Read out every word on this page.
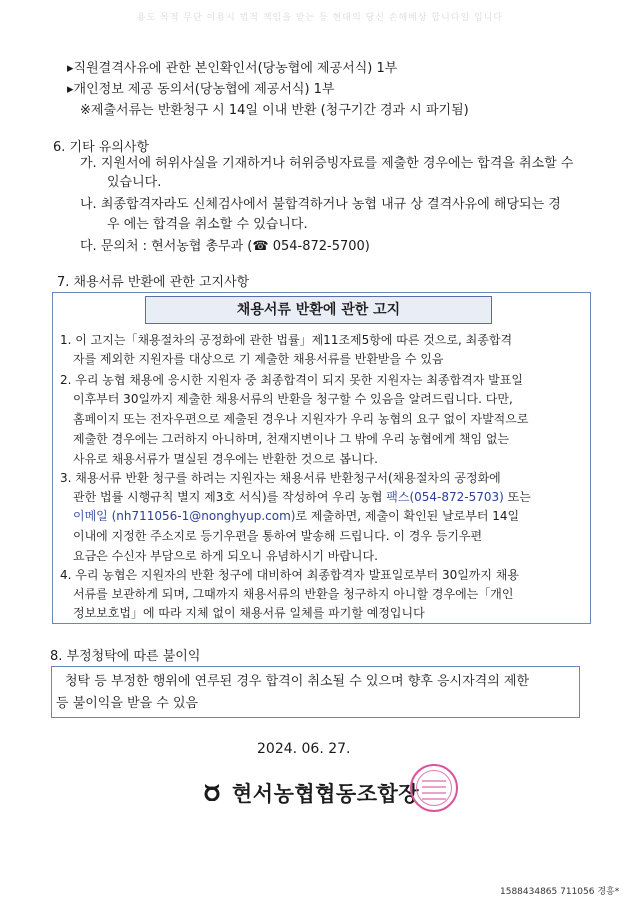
용도 목적 무단 이용시 법적 책임을 받는 등 현대의 당신 손해배상 합니다일 입니다
▸직원결격사유에 관한 본인확인서(당농협에 제공서식) 1부
▸개인정보 제공 동의서(당농협에 제공서식) 1부
※제출서류는 반환청구 시 14일 이내 반환 (청구기간 경과 시 파기됨)
6. 기타 유의사항
가. 지원서에 허위사실을 기재하거나 허위증빙자료를 제출한 경우에는 합격을 취소할 수
있습니다.
나. 최종합격자라도 신체검사에서 불합격하거나 농협 내규 상 결격사유에 해당되는 경
우 에는 합격을 취소할 수 있습니다.
다. 문의처 : 현서농협 총무과 (☎ 054-872-5700)
7. 채용서류 반환에 관한 고지사항
채용서류 반환에 관한 고지
1. 이 고지는「채용절차의 공정화에 관한 법률」제11조제5항에 따른 것으로, 최종합격
자를 제외한 지원자를 대상으로 기 제출한 채용서류를 반환받을 수 있음
2. 우리 농협 채용에 응시한 지원자 중 최종합격이 되지 못한 지원자는 최종합격자 발표일
이후부터 30일까지 제출한 채용서류의 반환을 청구할 수 있음을 알려드립니다. 다만,
홈페이지 또는 전자우편으로 제출된 경우나 지원자가 우리 농협의 요구 없이 자발적으로
제출한 경우에는 그러하지 아니하며, 천재지변이나 그 밖에 우리 농협에게 책임 없는
사유로 채용서류가 멸실된 경우에는 반환한 것으로 봅니다.
3. 채용서류 반환 청구를 하려는 지원자는 채용서류 반환청구서(채용절차의 공정화에
관한 법률 시행규칙 별지 제3호 서식)를 작성하여 우리 농협 팩스(054-872-5703) 또는
이메일 (nh711056-1@nonghyup.com)로 제출하면, 제출이 확인된 날로부터 14일
이내에 지정한 주소지로 등기우편을 통하여 발송해 드립니다. 이 경우 등기우편
요금은 수신자 부담으로 하게 되오니 유념하시기 바랍니다.
4. 우리 농협은 지원자의 반환 청구에 대비하여 최종합격자 발표일로부터 30일까지 채용
서류를 보관하게 되며, 그때까지 채용서류의 반환을 청구하지 아니할 경우에는「개인
정보보호법」에 따라 지체 없이 채용서류 일체를 파기할 예정입니다
8. 부정청탁에 따른 불이익
청탁 등 부정한 행위에 연루된 경우 합격이 취소될 수 있으며 향후 응시자격의 제한
등 불이익을 받을 수 있음
2024. 06. 27.
현서농협협동조합장
1588434865 711056 경흥*
